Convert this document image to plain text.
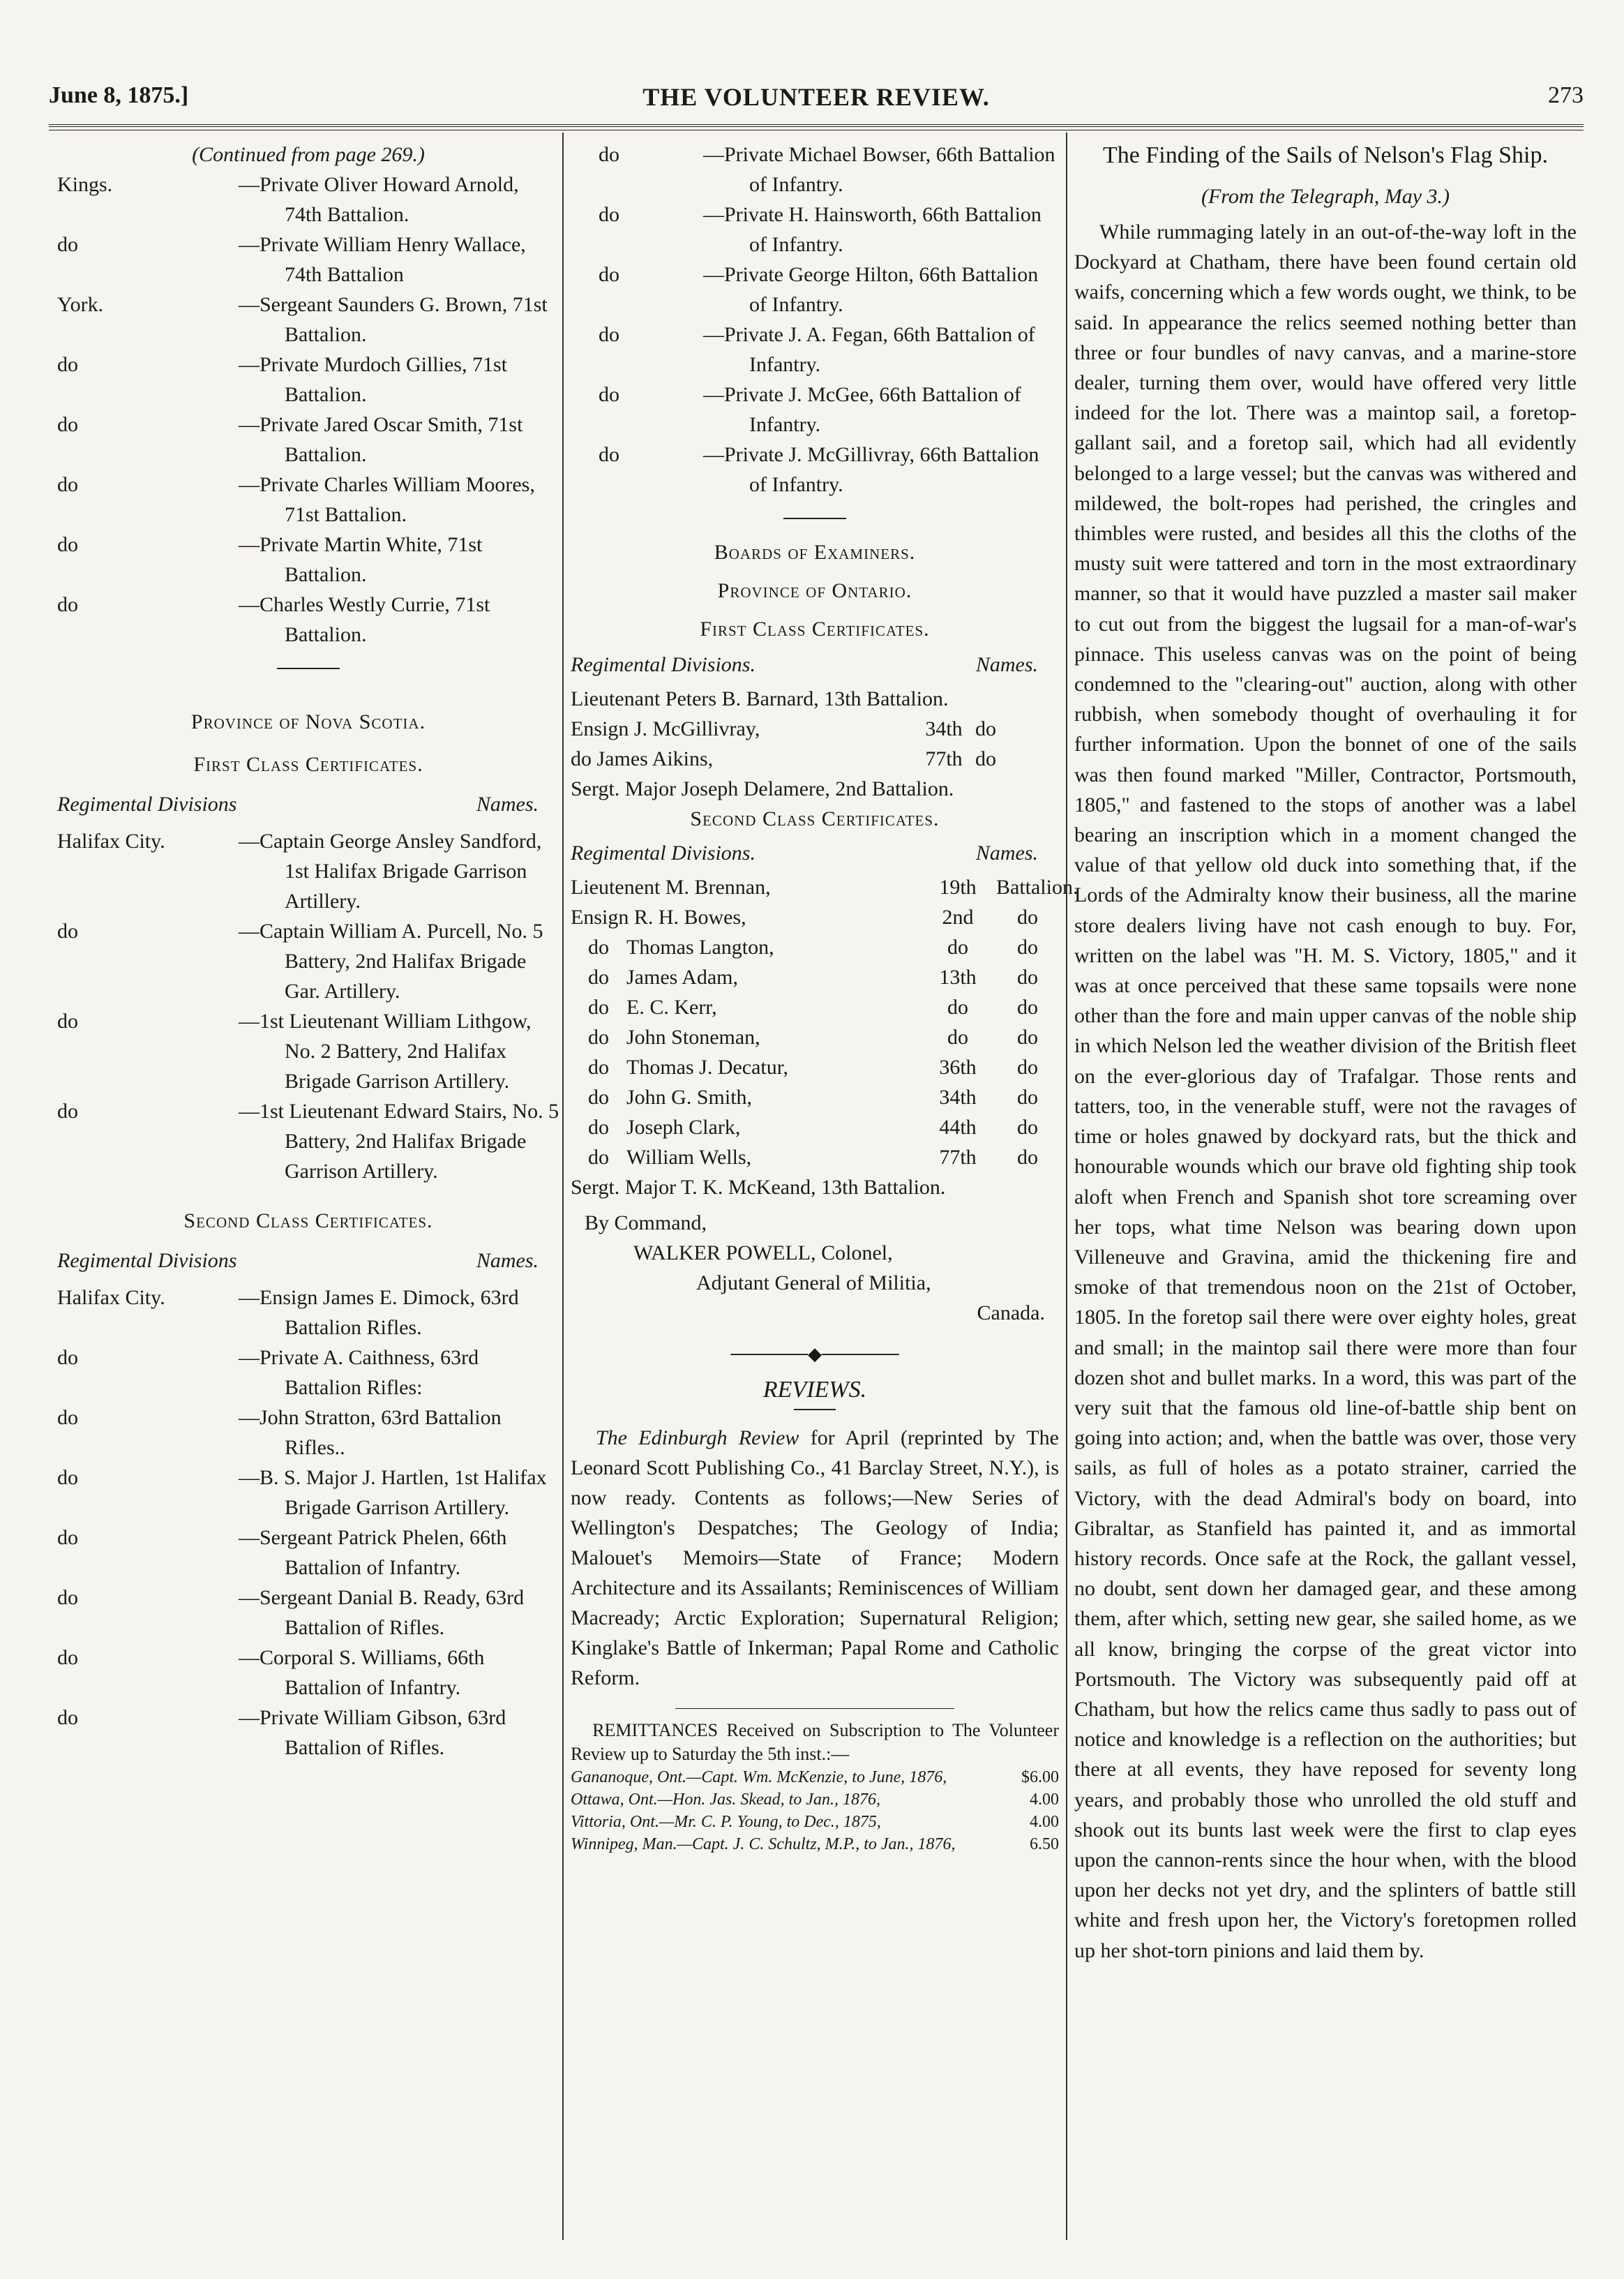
June 8, 1875.]	THE VOLUNTEER REVIEW.	273
(Continued from page 269.)
Kings.	—Private Oliver Howard Arnold, 74th Battalion.
do	—Private William Henry Wallace, 74th Battalion
York.	—Sergeant Saunders G. Brown, 71st Battalion.
do	—Private Murdoch Gillies, 71st Battalion.
do	—Private Jared Oscar Smith, 71st Battalion.
do	—Private Charles William Moores, 71st Battalion.
do	—Private Martin White, 71st Battalion.
do	—Charles Westly Currie, 71st Battalion.
Province of Nova Scotia.
First Class Certificates.
Regimental Divisions	Names.
Halifax City.	—Captain George Ansley Sandford, 1st Halifax Brigade Garrison Artillery.
do	—Captain William A. Purcell, No. 5 Battery, 2nd Halifax Brigade Gar. Artillery.
do	—1st Lieutenant William Lithgow, No. 2 Battery, 2nd Halifax Brigade Garrison Artillery.
do	—1st Lieutenant Edward Stairs, No. 5 Battery, 2nd Halifax Brigade Garrison Artillery.
Second Class Certificates.
Regimental Divisions	Names.
Halifax City.	—Ensign James E. Dimock, 63rd Battalion Rifles.
do	—Private A. Caithness, 63rd Battalion Rifles:
do	—John Stratton, 63rd Battalion Rifles..
do	—B. S. Major J. Hartlen, 1st Halifax Brigade Garrison Artillery.
do	—Sergeant Patrick Phelen, 66th Battalion of Infantry.
do	—Sergeant Danial B. Ready, 63rd Battalion of Rifles.
do	—Corporal S. Williams, 66th Battalion of Infantry.
do	—Private William Gibson, 63rd Battalion of Rifles.
do	—Private Michael Bowser, 66th Battalion of Infantry.
do	—Private H. Hainsworth, 66th Battalion of Infantry.
do	—Private George Hilton, 66th Battalion of Infantry.
do	—Private J. A. Fegan, 66th Battalion of Infantry.
do	—Private J. McGee, 66th Battalion of Infantry.
do	—Private J. McGillivray, 66th Battalion of Infantry.
Boards of Examiners.
Province of Ontario.
First Class Certificates.
Regimental Divisions.	Names.
Lieutenant Peters B. Barnard, 13th Battalion.
Ensign J. McGillivray,	34th do
do James Aikins,	77th do
Sergt. Major Joseph Delamere, 2nd Battalion.
Second Class Certificates.
Regimental Divisions.	Names.
Lieutenent M. Brennan,	19th Battalion.
Ensign R. H. Bowes,	2nd	do
do Thomas Langton,	do	do
do James Adam,	13th	do
do E. C. Kerr,	do	do
do John Stoneman,	do	do
do Thomas J. Decatur,	36th	do
do John G. Smith,	34th	do
do Joseph Clark,	44th	do
do William Wells,	77th	do
Sergt. Major T. K. McKeand, 13th Battalion.
By Command,
WALKER POWELL, Colonel,
Adjutant General of Militia,
Canada.
──────◆──────
REVIEWS.
The Edinburgh Review for April (reprinted by The Leonard Scott Publishing Co., 41 Barclay Street, N.Y.), is now ready. Contents as follows;—New Series of Wellington's Despatches; The Geology of India; Malouet's Memoirs—State of France; Modern Architecture and its Assailants; Reminiscences of William Macready; Arctic Exploration; Supernatural Religion; Kinglake's Battle of Inkerman; Papal Rome and Catholic Reform.
REMITTANCES Received on Subscription to The Volunteer Review up to Saturday the 5th inst.:—
Gananoque, Ont.—Capt. Wm. McKenzie, to June, 1876,	$6.00
Ottawa, Ont.—Hon. Jas. Skead, to Jan., 1876,	4.00
Vittoria, Ont.—Mr. C. P. Young, to Dec., 1875,	4.00
Winnipeg, Man.—Capt. J. C. Schultz, M.P., to Jan., 1876,	6.50
The Finding of the Sails of Nelson's Flag Ship.
(From the Telegraph, May 3.)
While rummaging lately in an out-of-the-way loft in the Dockyard at Chatham, there have been found certain old waifs, concerning which a few words ought, we think, to be said. In appearance the relics seemed nothing better than three or four bundles of navy canvas, and a marine-store dealer, turning them over, would have offered very little indeed for the lot. There was a maintop sail, a foretop-gallant sail, and a foretop sail, which had all evidently belonged to a large vessel; but the canvas was withered and mildewed, the bolt-ropes had perished, the cringles and thimbles were rusted, and besides all this the cloths of the musty suit were tattered and torn in the most extraordinary manner, so that it would have puzzled a master sail maker to cut out from the biggest the lugsail for a man-of-war's pinnace. This useless canvas was on the point of being condemned to the "clearing-out" auction, along with other rubbish, when somebody thought of overhauling it for further information. Upon the bonnet of one of the sails was then found marked "Miller, Contractor, Portsmouth, 1805," and fastened to the stops of another was a label bearing an inscription which in a moment changed the value of that yellow old duck into something that, if the Lords of the Admiralty know their business, all the marine store dealers living have not cash enough to buy. For, written on the label was "H. M. S. Victory, 1805," and it was at once perceived that these same topsails were none other than the fore and main upper canvas of the noble ship in which Nelson led the weather division of the British fleet on the ever-glorious day of Trafalgar. Those rents and tatters, too, in the venerable stuff, were not the ravages of time or holes gnawed by dockyard rats, but the thick and honourable wounds which our brave old fighting ship took aloft when French and Spanish shot tore screaming over her tops, what time Nelson was bearing down upon Villeneuve and Gravina, amid the thickening fire and smoke of that tremendous noon on the 21st of October, 1805. In the foretop sail there were over eighty holes, great and small; in the maintop sail there were more than four dozen shot and bullet marks. In a word, this was part of the very suit that the famous old line-of-battle ship bent on going into action; and, when the battle was over, those very sails, as full of holes as a potato strainer, carried the Victory, with the dead Admiral's body on board, into Gibraltar, as Stanfield has painted it, and as immortal history records. Once safe at the Rock, the gallant vessel, no doubt, sent down her damaged gear, and these among them, after which, setting new gear, she sailed home, as we all know, bringing the corpse of the great victor into Portsmouth. The Victory was subsequently paid off at Chatham, but how the relics came thus sadly to pass out of notice and knowledge is a reflection on the authorities; but there at all events, they have reposed for seventy long years, and probably those who unrolled the old stuff and shook out its bunts last week were the first to clap eyes upon the cannon-rents since the hour when, with the blood upon her decks not yet dry, and the splinters of battle still white and fresh upon her, the Victory's foretopmen rolled up her shot-torn pinions and laid them by.
